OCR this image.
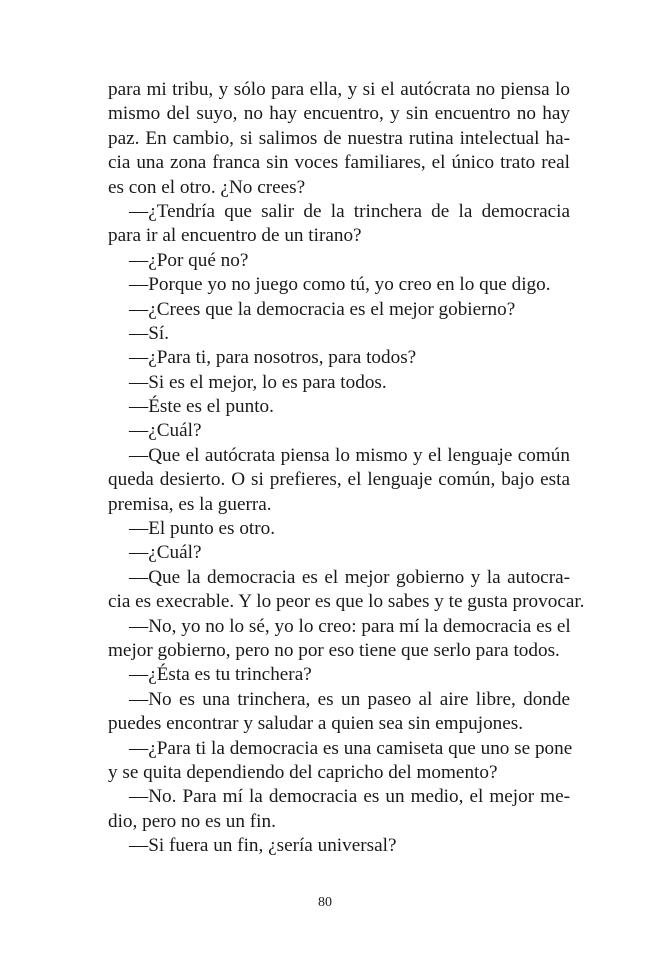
para mi tribu, y sólo para ella, y si el autócrata no piensa lo
mismo del suyo, no hay encuentro, y sin encuentro no hay
paz. En cambio, si salimos de nuestra rutina intelectual ha-
cia una zona franca sin voces familiares, el único trato real
es con el otro. ¿No crees?
—¿Tendría que salir de la trinchera de la democracia
para ir al encuentro de un tirano?
—¿Por qué no?
—Porque yo no juego como tú, yo creo en lo que digo.
—¿Crees que la democracia es el mejor gobierno?
—Sí.
—¿Para ti, para nosotros, para todos?
—Si es el mejor, lo es para todos.
—Éste es el punto.
—¿Cuál?
—Que el autócrata piensa lo mismo y el lenguaje común
queda desierto. O si prefieres, el lenguaje común, bajo esta
premisa, es la guerra.
—El punto es otro.
—¿Cuál?
—Que la democracia es el mejor gobierno y la autocra-
cia es execrable. Y lo peor es que lo sabes y te gusta provocar.
—No, yo no lo sé, yo lo creo: para mí la democracia es el
mejor gobierno, pero no por eso tiene que serlo para todos.
—¿Ésta es tu trinchera?
—No es una trinchera, es un paseo al aire libre, donde
puedes encontrar y saludar a quien sea sin empujones.
—¿Para ti la democracia es una camiseta que uno se pone
y se quita dependiendo del capricho del momento?
—No. Para mí la democracia es un medio, el mejor me-
dio, pero no es un fin.
—Si fuera un fin, ¿sería universal?
80
